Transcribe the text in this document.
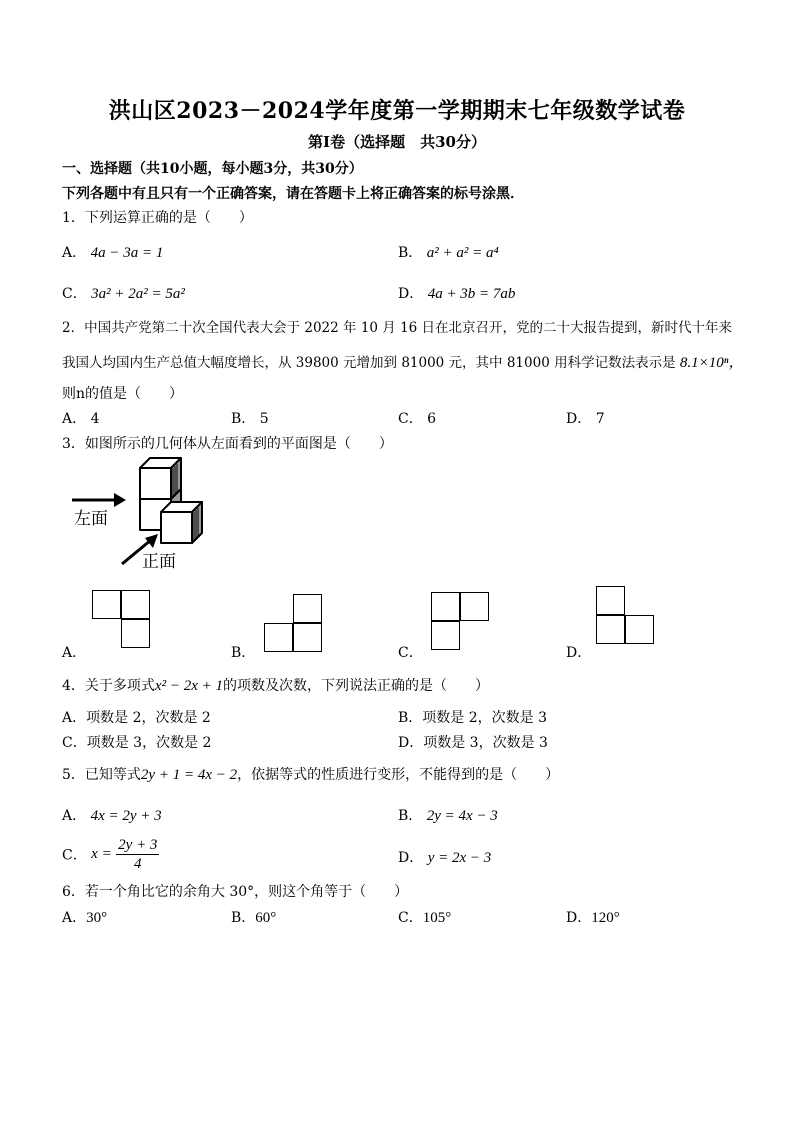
洪山区2023－2024学年度第一学期期末七年级数学试卷
第Ⅰ卷（选择题　共30分）
一、选择题（共10小题，每小题3分，共30分）
下列各题中有且只有一个正确答案，请在答题卡上将正确答案的标号涂黑．
1．下列运算正确的是（　　）
A． 4a − 3a = 1	B． a² + a² = a⁴
C． 3a² + 2a² = 5a²	D． 4a + 3b = 7ab
2．中国共产党第二十次全国代表大会于 2022 年 10 月 16 日在北京召开，党的二十大报告提到，新时代十年来
我国人均国内生产总值大幅度增长，从 39800 元增加到 81000 元，其中 81000 用科学记数法表示是 8.1×10ⁿ，
则n的值是（　　）
A． 4	B． 5	C． 6	D． 7
3．如图所示的几何体从左面看到的平面图是（　　）
左面
正面
A．	B．	C．	D．
4．关于多项式x² − 2x + 1的项数及次数，下列说法正确的是（　　）
A．项数是 2，次数是 2	B．项数是 2，次数是 3
C．项数是 3，次数是 2	D．项数是 3，次数是 3
5．已知等式2y + 1 = 4x − 2，依据等式的性质进行变形，不能得到的是（　　）
A． 4x = 2y + 3	B． 2y = 4x − 3
C． $x = \frac{2y + 3}{4}$	D． y = 2x − 3
6．若一个角比它的余角大 30°，则这个角等于（　　）
A．30°	B．60°	C．105°	D．120°
